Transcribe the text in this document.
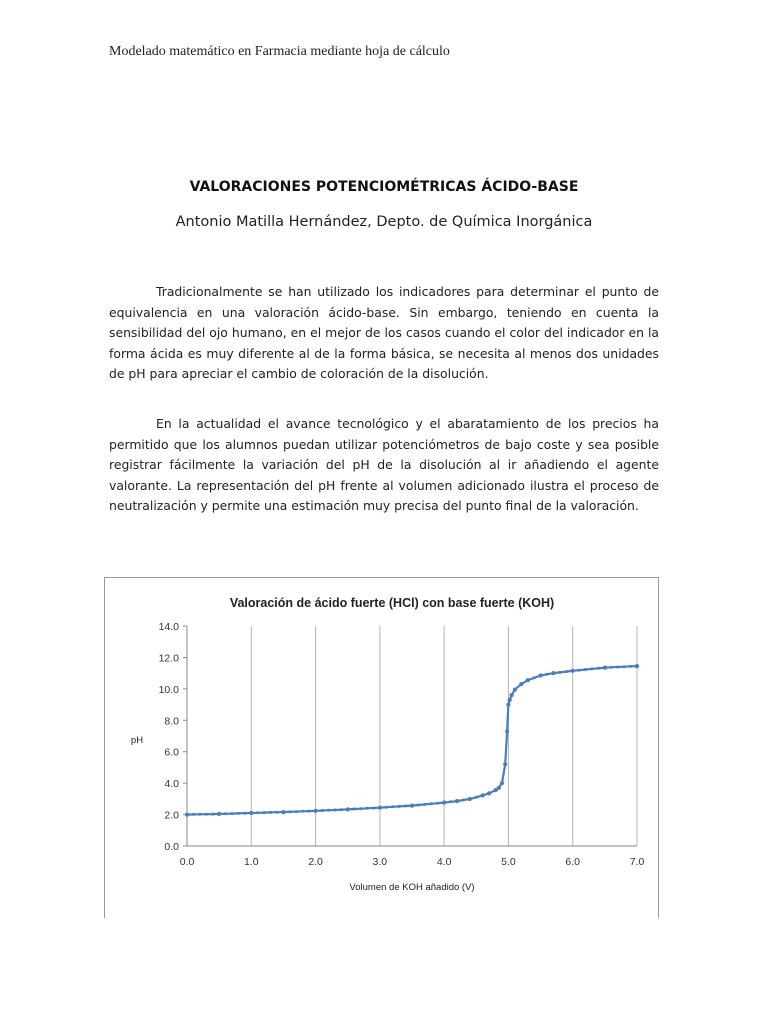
Modelado matemático en Farmacia mediante hoja de cálculo
VALORACIONES POTENCIOMÉTRICAS ÁCIDO-BASE
Antonio Matilla Hernández, Depto. de Química Inorgánica

Tradicionalmente se han utilizado los indicadores para determinar el punto de equivalencia en una valoración ácido-base. Sin embargo, teniendo en cuenta la sensibilidad del ojo humano, en el mejor de los casos cuando el color del indicador en la forma ácida es muy diferente al de la forma básica, se necesita al menos dos unidades de pH para apreciar el cambio de coloración de la disolución.

En la actualidad el avance tecnológico y el abaratamiento de los precios ha permitido que los alumnos puedan utilizar potenciómetros de bajo coste y sea posible registrar fácilmente la variación del pH de la disolución al ir añadiendo el agente valorante. La representación del pH frente al volumen adicionado ilustra el proceso de neutralización y permite una estimación muy precisa del punto final de la valoración.

Valoración de ácido fuerte (HCl) con base fuerte (KOH)
pH
Volumen de KOH añadido (V)
0.0	1.0	2.0	3.0	4.0	5.0	6.0	7.0
0.0
2.0
4.0
6.0
8.0
10.0
12.0
14.0
